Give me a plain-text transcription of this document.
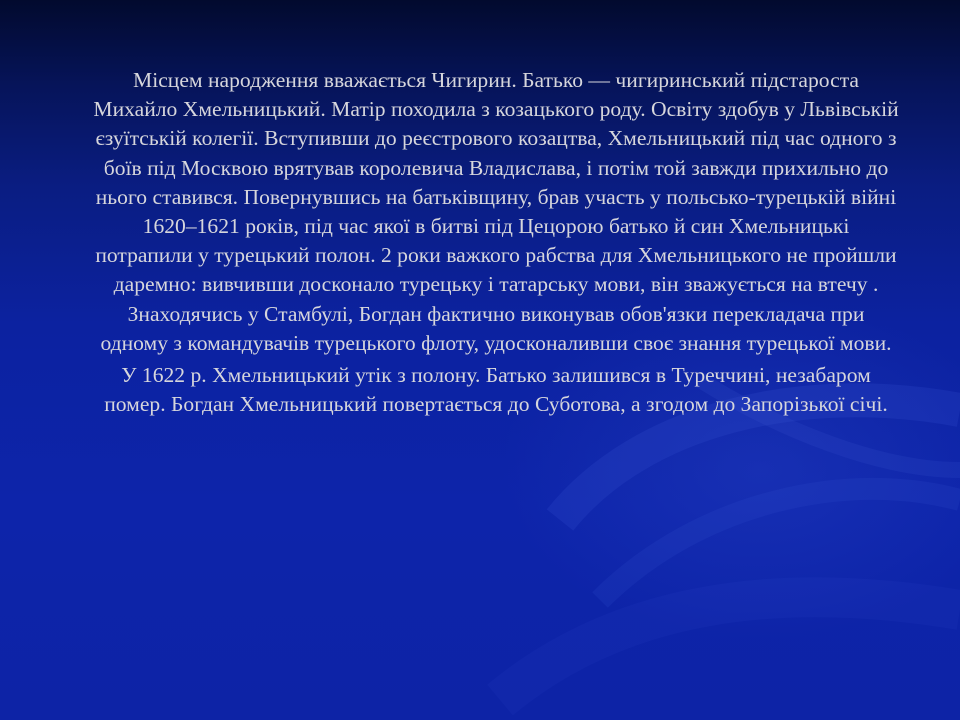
Місцем народження вважається Чигирин. Батько — чигиринський підстароста Михайло Хмельницький. Матір походила з козацького роду. Освіту здобув у Львівській єзуїтській колегії. Вступивши до реєстрового козацтва, Хмельницький під час одного з боїв під Москвою врятував королевича Владислава, і потім той завжди прихильно до нього ставився. Повернувшись на батьківщину, брав участь у польсько-турецькій війні 1620–1621 років, під час якої в битві під Цецорою батько й син Хмельницькі потрапили у турецький полон. 2 роки важкого рабства для Хмельницького не пройшли даремно: вивчивши досконало турецьку і татарську мови, він зважується на втечу . Знаходячись у Стамбулі, Богдан фактично виконував обов'язки перекладача при одному з командувачів турецького флоту, удосконаливши своє знання турецької мови.

У 1622 р. Хмельницький утік з полону. Батько залишився в Туреччині, незабаром помер. Богдан Хмельницький повертається до Суботова, а згодом до Запорізької січі.
